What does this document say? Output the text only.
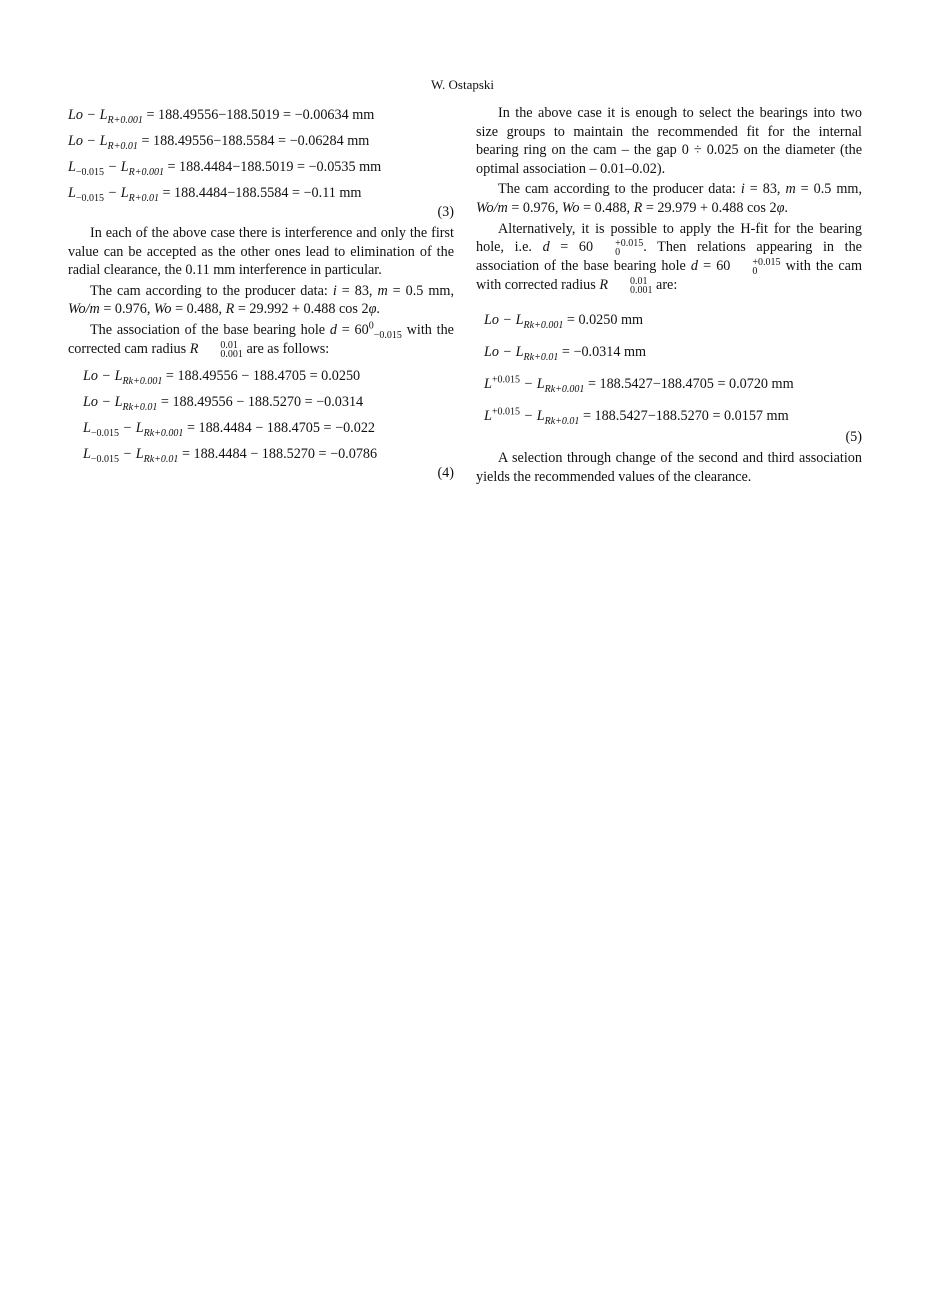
W. Ostapski
$Lo - L_{R+0.001} = 188.49556-188.5019 = -0.00634$ mm
$Lo - L_{R+0.01} = 188.49556-188.5584 = -0.06284$ mm
$L_{-0.015} - L_{R+0.001} = 188.4484-188.5019 = -0.0535$ mm
$L_{-0.015} - L_{R+0.01} = 188.4484-188.5584 = -0.11$ mm
(3)

In each of the above case there is interference and only the first value can be accepted as the other ones lead to elimination of the radial clearance, the 0.11 mm interference in particular.

The cam according to the producer data: i = 83, m = 0.5 mm, Wo/m = 0.976, Wo = 0.488, R = 29.992 + 0.488 cos 2φ.

The association of the base bearing hole $d = 60^0_{-0.015}$ with the corrected cam radius R	0.01
0.001 are as follows:

$Lo - L_{Rk+0.001} = 188.49556 - 188.4705 = 0.0250$
$Lo - L_{Rk+0.01} = 188.49556 - 188.5270 = -0.0314$
$L_{-0.015} - L_{Rk+0.001} = 188.4484 - 188.4705 = -0.022$
$L_{-0.015} - L_{Rk+0.01} = 188.4484 - 188.5270 = -0.0786$
(4)

In the above case it is enough to select the bearings into two size groups to maintain the recommended fit for the internal bearing ring on the cam – the gap 0 ÷ 0.025 on the diameter (the optimal association – 0.01–0.02).

The cam according to the producer data: i = 83, m = 0.5 mm, Wo/m = 0.976, Wo = 0.488, R = 29.979 + 0.488 cos 2φ.

Alternatively, it is possible to apply the H-fit for the bearing hole, i.e. d = 60	+0.015
0	. Then relations appearing in the association of the base bearing hole d = 60	+0.015
0	with the cam with corrected radius R	0.01
0.001 are:

$Lo - L_{Rk+0.001} = 0.0250$ mm
$Lo - L_{Rk+0.01} = -0.0314$ mm
$L^{+0.015} - L_{Rk+0.001} = 188.5427-188.4705 = 0.0720$ mm
$L^{+0.015} - L_{Rk+0.01} = 188.5427-188.5270 = 0.0157$ mm
(5)

A selection through change of the second and third association yields the recommended values of the clearance.
